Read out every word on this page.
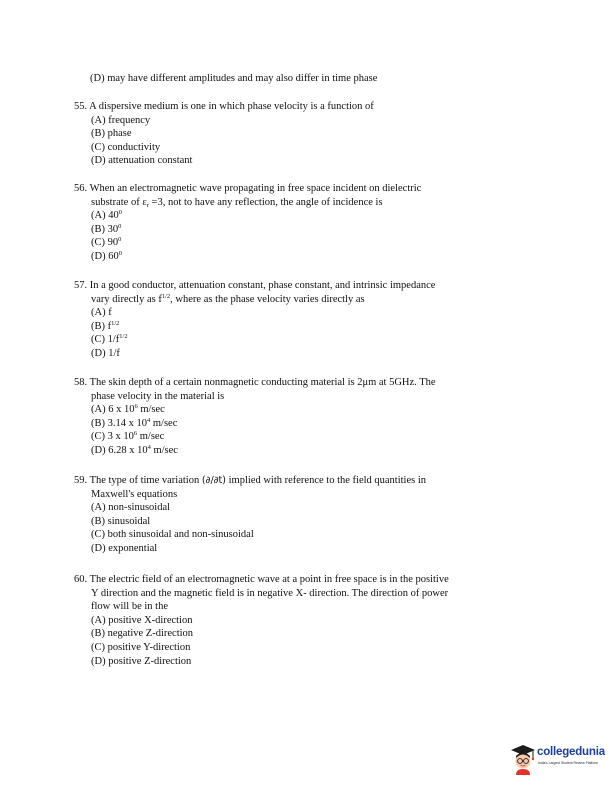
(D) may have different amplitudes and may also differ in time phase
55. A dispersive medium is one in which phase velocity is a function of
(A) frequency
(B) phase
(C) conductivity
(D) attenuation constant
56. When an electromagnetic wave propagating in free space incident on dielectric
substrate of $\varepsilon_r =3$, not to have any reflection, the angle of incidence is
(A) $40^0$
(B) $30^0$
(C) $90^0$
(D) $60^0$
57. In a good conductor, attenuation constant, phase constant, and intrinsic impedance
vary directly as $f^{1/2}$, where as the phase velocity varies directly as
(A) f
(B) $f^{1/2}$
(C) $1/f^{1/2}$
(D) 1/f
58. The skin depth of a certain nonmagnetic conducting material is 2μm at 5GHz. The
phase velocity in the material is
(A) 6 x $10^6$ m/sec
(B) 3.14 x $10^4$ m/sec
(C) 3 x $10^6$ m/sec
(D) 6.28 x $10^4$ m/sec
59. The type of time variation (∂/∂t) implied with reference to the field quantities in
Maxwell's equations
(A) non-sinusoidal
(B) sinusoidal
(C) both sinusoidal and non-sinusoidal
(D) exponential
60. The electric field of an electromagnetic wave at a point in free space is in the positive
Y direction and the magnetic field is in negative X- direction. The direction of power
flow will be in the
(A) positive X-direction
(B) negative Z-direction
(C) positive Y-direction
(D) positive Z-direction
collegedunia
India's Largest Student Review Platform
